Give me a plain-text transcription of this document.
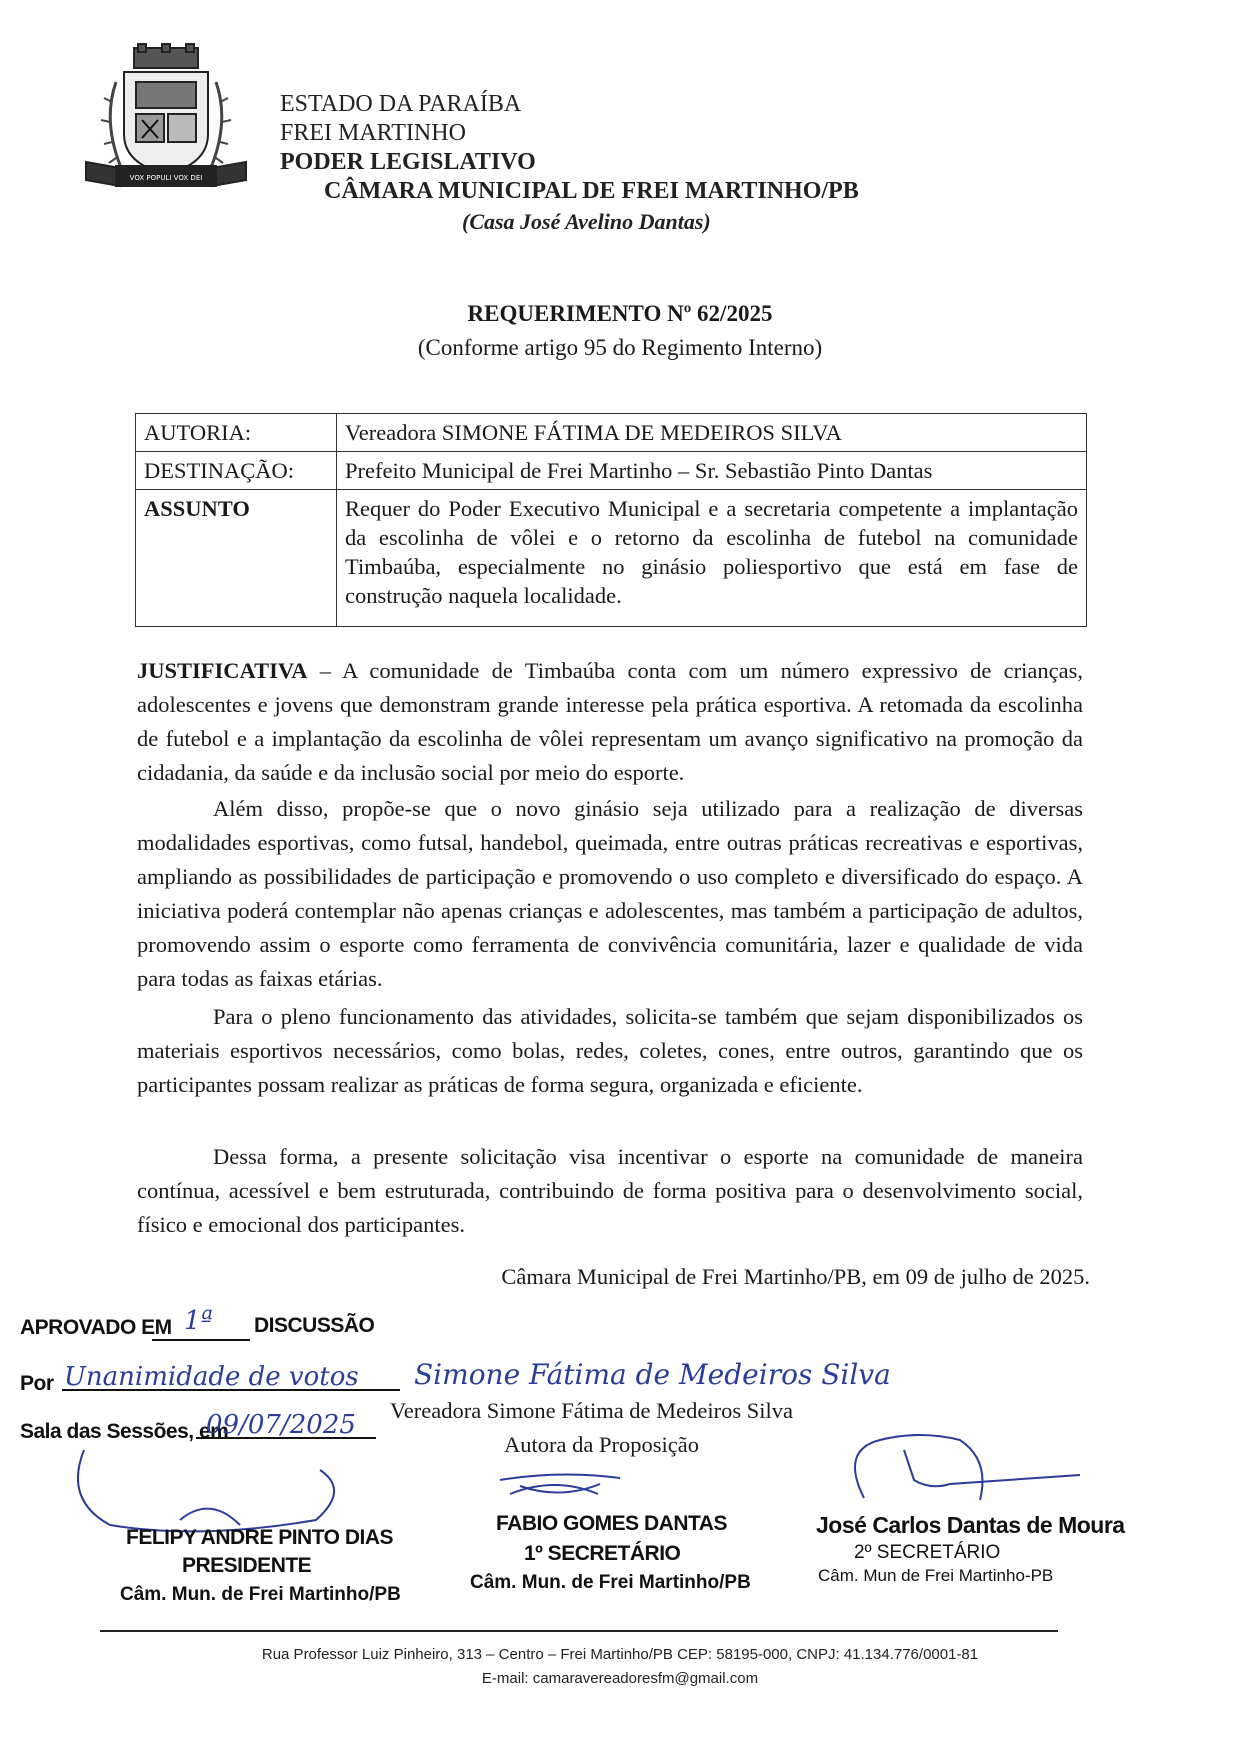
VOX POPULI VOX DEI
ESTADO DA PARAÍBA
FREI MARTINHO
PODER LEGISLATIVO
CÂMARA MUNICIPAL DE FREI MARTINHO/PB
(Casa José Avelino Dantas)
REQUERIMENTO Nº 62/2025
(Conforme artigo 95 do Regimento Interno)
AUTORIA:	Vereadora SIMONE FÁTIMA DE MEDEIROS SILVA
DESTINAÇÃO:	Prefeito Municipal de Frei Martinho – Sr. Sebastião Pinto Dantas
ASSUNTO	Requer do Poder Executivo Municipal e a secretaria competente a implantação da escolinha de vôlei e o retorno da escolinha de futebol na comunidade Timbaúba, especialmente no ginásio poliesportivo que está em fase de construção naquela localidade.
JUSTIFICATIVA – A comunidade de Timbaúba conta com um número expressivo de crianças, adolescentes e jovens que demonstram grande interesse pela prática esportiva. A retomada da escolinha de futebol e a implantação da escolinha de vôlei representam um avanço significativo na promoção da cidadania, da saúde e da inclusão social por meio do esporte.
Além disso, propõe-se que o novo ginásio seja utilizado para a realização de diversas modalidades esportivas, como futsal, handebol, queimada, entre outras práticas recreativas e esportivas, ampliando as possibilidades de participação e promovendo o uso completo e diversificado do espaço. A iniciativa poderá contemplar não apenas crianças e adolescentes, mas também a participação de adultos, promovendo assim o esporte como ferramenta de convivência comunitária, lazer e qualidade de vida para todas as faixas etárias.
Para o pleno funcionamento das atividades, solicita-se também que sejam disponibilizados os materiais esportivos necessários, como bolas, redes, coletes, cones, entre outros, garantindo que os participantes possam realizar as práticas de forma segura, organizada e eficiente.
Dessa forma, a presente solicitação visa incentivar o esporte na comunidade de maneira contínua, acessível e bem estruturada, contribuindo de forma positiva para o desenvolvimento social, físico e emocional dos participantes.
Câmara Municipal de Frei Martinho/PB, em 09 de julho de 2025.
APROVADO EM	DISCUSSÃO
Por
Sala das Sessões, em
1ª
Unanimidade de votos
09/07/2025
Simone Fátima de Medeiros Silva
Vereadora Simone Fátima de Medeiros Silva
Autora da Proposição
FELIPY ANDRE PINTO DIAS
PRESIDENTE
Câm. Mun. de Frei Martinho/PB
FABIO GOMES DANTAS
1º SECRETÁRIO
Câm. Mun. de Frei Martinho/PB
José Carlos Dantas de Moura
2º SECRETÁRIO
Câm. Mun de Frei Martinho-PB
Rua Professor Luiz Pinheiro, 313 – Centro – Frei Martinho/PB CEP: 58195-000, CNPJ: 41.134.776/0001-81
E-mail: camaravereadoresfm@gmail.com
